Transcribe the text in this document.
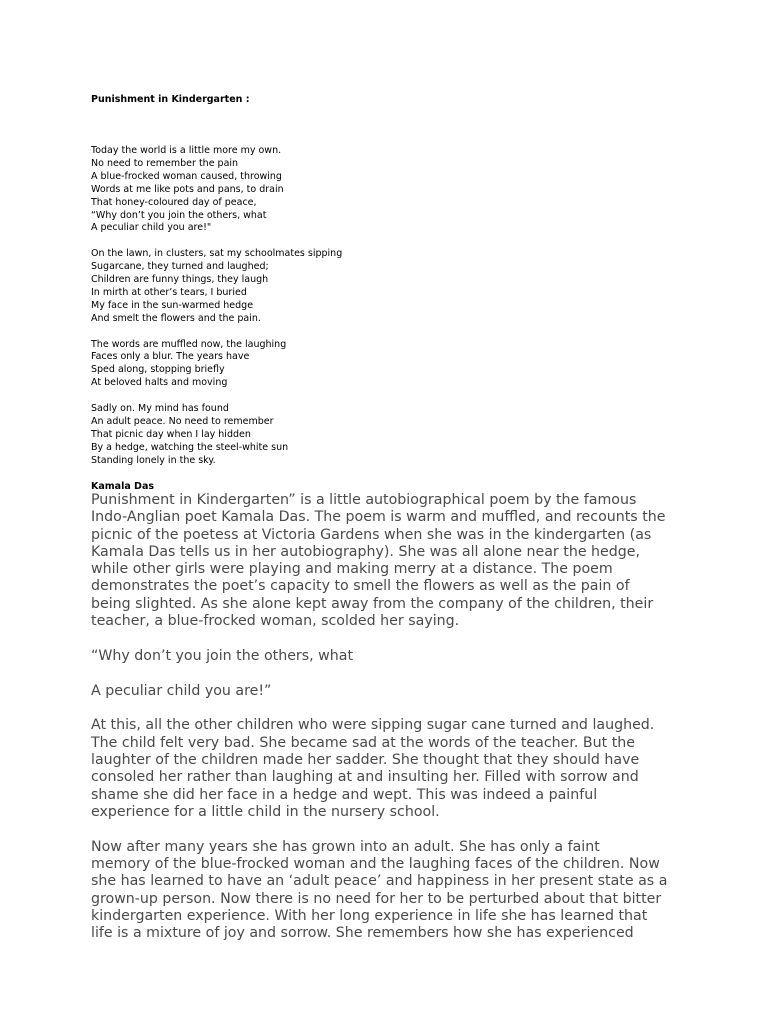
Punishment in Kindergarten :
Today the world is a little more my own.
No need to remember the pain
A blue-frocked woman caused, throwing
Words at me like pots and pans, to drain
That honey-coloured day of peace,
“Why don’t you join the others, what
A peculiar child you are!"
On the lawn, in clusters, sat my schoolmates sipping
Sugarcane, they turned and laughed;
Children are funny things, they laugh
In mirth at other’s tears, I buried
My face in the sun-warmed hedge
And smelt the flowers and the pain.
The words are muffled now, the laughing
Faces only a blur. The years have
Sped along, stopping briefly
At beloved halts and moving
Sadly on. My mind has found
An adult peace. No need to remember
That picnic day when I lay hidden
By a hedge, watching the steel-white sun
Standing lonely in the sky.
Kamala Das
Punishment in Kindergarten” is a little autobiographical poem by the famous
Indo-Anglian poet Kamala Das. The poem is warm and muffled, and recounts the
picnic of the poetess at Victoria Gardens when she was in the kindergarten (as
Kamala Das tells us in her autobiography). She was all alone near the hedge,
while other girls were playing and making merry at a distance. The poem
demonstrates the poet’s capacity to smell the flowers as well as the pain of
being slighted. As she alone kept away from the company of the children, their
teacher, a blue-frocked woman, scolded her saying.
“Why don’t you join the others, what
A peculiar child you are!”
At this, all the other children who were sipping sugar cane turned and laughed.
The child felt very bad. She became sad at the words of the teacher. But the
laughter of the children made her sadder. She thought that they should have
consoled her rather than laughing at and insulting her. Filled with sorrow and
shame she did her face in a hedge and wept. This was indeed a painful
experience for a little child in the nursery school.
Now after many years she has grown into an adult. She has only a faint
memory of the blue-frocked woman and the laughing faces of the children. Now
she has learned to have an ‘adult peace’ and happiness in her present state as a
grown-up person. Now there is no need for her to be perturbed about that bitter
kindergarten experience. With her long experience in life she has learned that
life is a mixture of joy and sorrow. She remembers how she has experienced
